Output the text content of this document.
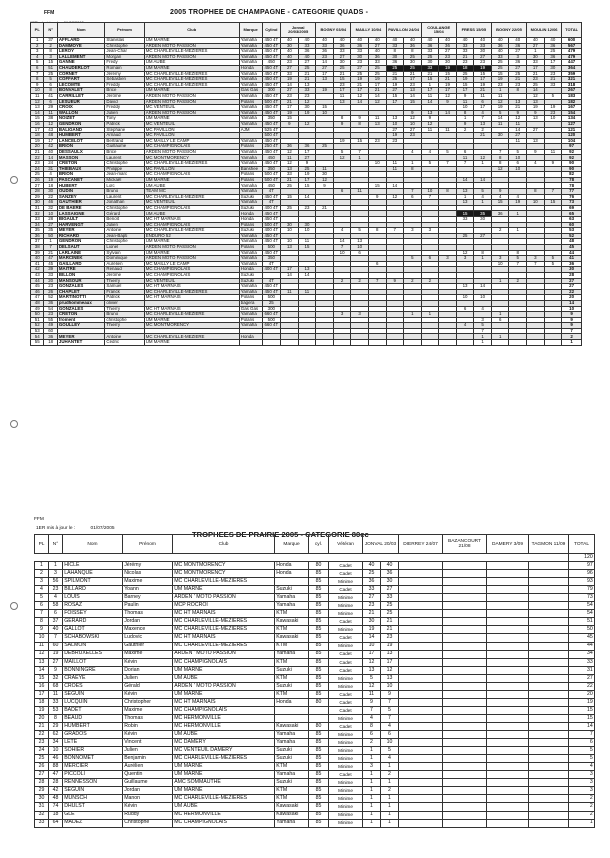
FFM	2005 TROPHEE DE CHAMPAGNE - CATEGORIE QUADS -
PL	N°	Nom	Prénom	Club	Marque	Cylind	Jonval 20/03/2005		BOGNY 03/04		MAILLY 10/04		PAVILLON 24/04		COULANGE 15/04		FRESS 15/05		BOGNY 22/05		MOULIN 12/06		TOTAL
1	37	AFFLARD	Stanislas	UM MARNE	Yamaha	450 4T	40	40	40	40	40	40	40	40	40	40	40	40	40	40	40	40	600
2	2	DAMMOYE	Christophe	ARDEN MOTO PASSION	Yamaha	450 4T	30	33	33	36	36	27	33	36	36	36	33	33	36	36	27	36	567
3	8	LEROY	Jean-Char	MC CHARLEVILLE-MEZIERES	Yamaha	450 4T	40	36	36	33	33	40	8	8	33	27	33	30	40	27	1	25	479
4	3	LALLEMENT	Morgan	ARDEN MOTO PASSION	Yamaha	450 4T	40	40	23	27	30	36	30	25	25	23	21	27	33	3	30	36	479
5	15	GANNE	Fredy	UM AUBE	Yamaha	450	23	27	14	30	23	33	36	30	30	30	23	23	25	36	33	17	447
6	51	CHAUDERLOT	Romain	UM MARNE	Honda	450 4T	27	25	27	25	27	25	25	25	33	19	18	19	25	27	17	30	364
7	25	CORNET	Jérémy	MC CHARLEVILLE-MEZIERES	Yamaha	450 4T	33	21	17	21	25	25	21	21	21	15	25	15	15	25	21	23	359
8	5	COFFART	Sébastien	MC CHARLEVILLE-MEZIERES	Yamaha	450 4T	19	21	13	15	19	19	25	17	15	21	19	17	19	21	23	21	321
9	6	LECOMTE	Freddy	MC CHARLEVILLE-MEZIERES	Yamaha	450 4T	14	13		23	21	17	19	23	1	19	15	19	23	23	25	33	318
10	8	BONVALET	Brice	UM MARNE	Gas Gas	300	27	33	19	17	17	21	27	13	17	17	17	21	1	8	14		267
11	41	CARRILLET	Jérôme	ARDEN MOTO PASSION	Yamaha	450 4T	23	23		11	12	14	15	14	11	12	9	11	11		12	5	183
12	6	LESUEUR	David	ARDEN MOTO PASSION	Polaris	500 4T	21	12		13	14	12	17	15	14	9	11	6	12	13	13		182
13	29	CROIX	Freddy	MC VENTEUIL	Yamaha	450 4T	17	30	15								10	17	19	21	19	19	167
14	11	WALLON	Julien	ARDEN MOTO PASSION	Yamaha	450 4T	19	19	10					9	13	14	8	4	5	9	9	23	154
15	38	NOIZET	Tony	UM MARNE	Yamaha	350	15			8	9	11	13	12	9		1	7	14	12	13	10	134
16	12	GENDRON	Patrick	MC VENTEUIL	Yamaha	450 4T	9	12		9	8	13	10	10	12		9	13	11	11			127
17	43	BALIGAND	Stéphane	MC PAVILLON	AJM	525 4T							27	27	11	11	2	2		14	27		121
18	48	HUMBERT	Arnaud	MC PAVILLON		500 4T							19	23				21	30	27			120
19	17	LANCELOT	Bertrand	MC MAILLY LE CAMP	Yamaha	450 4T				19	15	23	23							11	13		104
20	42	BRION	Guillaume	MC CHAMPIGNOLAIS	Polaris	250 4T	36	36	25														97
21	40	DESSAULX	Brice	ARDEN MOTO PASSION	Yamaha	450 4T	12	17		5	7			4	4	5	6		7	5	9	11	92
22	14	MASSON	Laurent	MC MONTMORENCY	Yamaha	450	11	27		12	1						11	12	8	10			92
23	24	CRETON	Christophe	MC CHARLEVILLE-MEZIERES	Yamaha	450 4T	12	9				10	11	1	5	7	7	1	8	6	4	9	90
24	31	THIEBAUX	Philippe	MC PAVILLON	Banshee	350	13	25	11				11	8					12	10			90
25	4	BRION	Jean-marc	MC CHAMPIGNOLAIS	Polaris	500 4T	33	19	30														82
26	19	PASCANET	Mickaël	UM MARNE	Polaris	500 4T	21	17	12								14	14					78
27	18	HUBERT	Loïc	UM AUBE	Yamaha	450	25	15	9			15	14										78
28	30	OUDIN	Bruno	TEAM MC	Yamaha	4T				6	11			7	10	8	13	5	9		8	7	77
29	22	SANZEY	Laurent	MC CHARLEVILLE-MEZIERE	Suzuki	450 4T	15	14				9	12	6	7		1	4	4	4			76
30	46	GAUTHIER	Jonathan	MC VENTEUIL	Yamaha	4T											13	1	15	19	10	15	73
31	32	DE BAERE	Christophe	MC CHAMPIGNOLAIS	Suzuki	400 4T	25	23	21														69
32	10	LASSAIGNE	Gérard	UM AUBE	Honda	450 4T											15	35	36	1			65
33	28	BIGAULT	Benoît	MC HT MARNAIS	Honda	450 4T											33	30					63
34	27	HARVENGT	Julien	MC CHAMPIGNOLAIS	Polaris	500 4T	30	30															60
35	35	MEYER	Antoine	MC CHARLEVILLE-MEZIERE	Suzuki	400 4T	10	10		4	5	8	7	3	3				2	1			53
36	50	RICHARD	Jean-Bapti	ENDURO 52	Yamaha	450 4T											25	27					52
37	1	GENDRON	Christophe	UM MARNE	Yamaha	450 4T	10	11		14	13												48
38	7	DELSAUT	Lionel	ARDEN MOTO PASSION	Polaris	500	13	15		7	10												45
39	21	LARLAINE	Sylvain	UM MARNE	Yamaha	450 4T				10	6						12	8		8			44
40	47	MARCINEK	Dominique	ARDEN MOTO PASSION	Yamaha	350								5	6	3	3	1	3	5	3	5	41
41	45	GAILLARD	Aurélien	MC MAILLY LE CAMP	Yamaha	4T						6							10	7	7	5	36
42	39	MAITRE	Renaud	MC CHAMPIGNOLAIS	Honda	400 4T	17	13															30
43	33	BILLON	Jérôme	MC CHAMPIGNOLAIS	Suzuki		14	14															28
44	20	MANSOUR	Thierry	MC VENTEUIL	Suzuki	4T				2	2	7	9	2	2				1	2			27
45	23	GONZALES	Samuel	MC HT MARNAIS	Yamaha	450 4T											13	14					27
46	26	CHAPLET	Franck	MC CHARLEVILLE-MEZIERES	Yamaha	450 4T	11	11															22
47	52	MARTINOTTI	Patrick	MC HT MARNAIS	Polaris	500											10	10					20
48	36	prudhommeaux	olivier		bagera	25																	14
49	54	GONZALES	Thierry	MC HT MARNAIS	Gas Gas	300											6	4					10
50	23	CRETON	Bruno	MC CHARLEVILLE-MEZIERE	Yamaha	660 4T				3	3			1	1				1				9
51	55	froment	christophe	UM MARNE	Polaris	500												3	6				9
52	49	GOULLEY	Thierry	MC MONTMORENCY	Yamaha	660 4T											4	5					9
53	60																	7					7
54	36	MEYER	Antoine	MC CHARLEVILLE-MEZIERE	Honda													1	1				2
55	18	JUHANTET	Cédric	UM MARNE														1					1
FFM
1ER mis à jour le :	01/07/2005
TROPHEES DE PRAIRIE 2005 - CATEGORIE 80cc
PL	N°	Nom	Prénom	Club	Marque	cyl.	Vétéran	JONVAL 20/03		DIERREY 24/07	BAZANCOURT 21/08	DAMERY 3/09	TAGMON 11/09	TOTAL
														120
1	1	HICLE	Jérémy	MC MONTMORENCY	Honda	80	Cadet	40	40					97
2	3	LAHANQUE	Nicolas	MC MONTMORENCY	Honda	85	Cadet	25	36					96
3	56	SPILMONT	Maxime	MC CHARLEVILLE-MEZIERES		85	Minime	36	30					93
4	23	BILLARD	Yoann	UM MARNE	Suzuki	85	Cadet	33	27					79
5	4	LOUIS	Barney	ARDEN ' MOTO PASSION	Yamaha	85	Minime	27	33					73
6	58	ROSAZ	Paulin	MCP ROCROI	Yamaha	85	Minime	23	25					54
7	6	FOISSEY	Thomas	MC HT MARNAIS	KTM	85	Minime	21	25					54
8	37	GERARD	Jordan	MC CHARLEVILLE-MEZIERES	Kawasaki	85	Cadet	30	21					51
9	40	GALLOT	Maxence	MC CHARLEVILLE-MEZIERES	KTM	85	Minime	19	21					50
10	7	SCHABOWSKI	Ludovic	MC HT MARNAIS	Kawasaki	85	Cadet	14	23					45
11	60	SALMON	Gauthier	MC CHARLEVILLE-MEZIERES	KTM	85	Minime	10	19					44
12	19	DEBRUXELLES	Maxime	ARDEN ' MOTO PASSION	Yamaha	85	Cadet	17	13					34
13	27	MAILLOT	Kévin	MC CHAMPIGNOLAIS	KTM	85	Cadet	12	17					33
14	9	BONNINGRE	Dorian	UM MARNE	Suzuki	85	Cadet	13	12					31
15	32	CRAEYE	Julien	UM AUBE	KTM	85	Minime	5	13					27
16	68	CROES	Gérald	ARDEN ' MOTO PASSION	Suzuki	85	Minime	12	10					22
17	11	SEGUIN	Kévin	UM MARNE	KTM	85	Cadet	11	9					20
18	33	LUCQUIN	Christopher	MC HT MARNAIS	Honda	80	Cadet	9	7					19
19	53	BADET	Maxime	MC CHAMPIGNOLAIS			Cadet	7	5					15
20	8	BEAUD	Thomas	MC HERMONVILLE			Minime	4	7					15
21	29	HUMBERT	Robin	MC HERMONVILLE	Kawasaki	80	Cadet	8	4					14
22	62	GRADOS	Kévin	UM AUBE	Yamaha	85	Minime	6	6					7
23	34	LETE	Vincent	MC DAMERY	Yamaha	85	Minime	2	10					6
24	10	SOHIER	Julien	MC VENTEUIL DAMERY	Suzuki	85	Minime	1	5					5
25	46	BONNOMET	Benjamin	MC CHARLEVILLE-MEZIERES	Suzuki	85	Minime	1	4					5
26	88	MERCIER	Aurélien	UM MARNE	KTM	85	Minime	3	1					4
27	47	PICCOLI	Quentin	UM MARNE	Yamaha	85	Cadet	1	2					3
28	28	RENNESSON	Guillaume	AMC SOMMAUTHE	Suzuki	85	Minime	1	1					3
29	42	SEGUIN	Jordan	UM MARNE	KTM	85	Minime	1	2					3
30	48	MUNSCH	Manon	MC CHARLEVILLE-MEZIERES	KTM	85	Minime	1	1					2
31	74	DHULST	Kévin	UM AUBE	Kawasaki	85	Minime	1	1					2
32	18	GLE	Ruddy	MC HERMONVILLE	Kawasaki	85	Minime	1	1					2
33	64	MADEZ	Christophe	MC CHAMPIGNOLAIS	Yamaha	85	Minime	1	1					1
